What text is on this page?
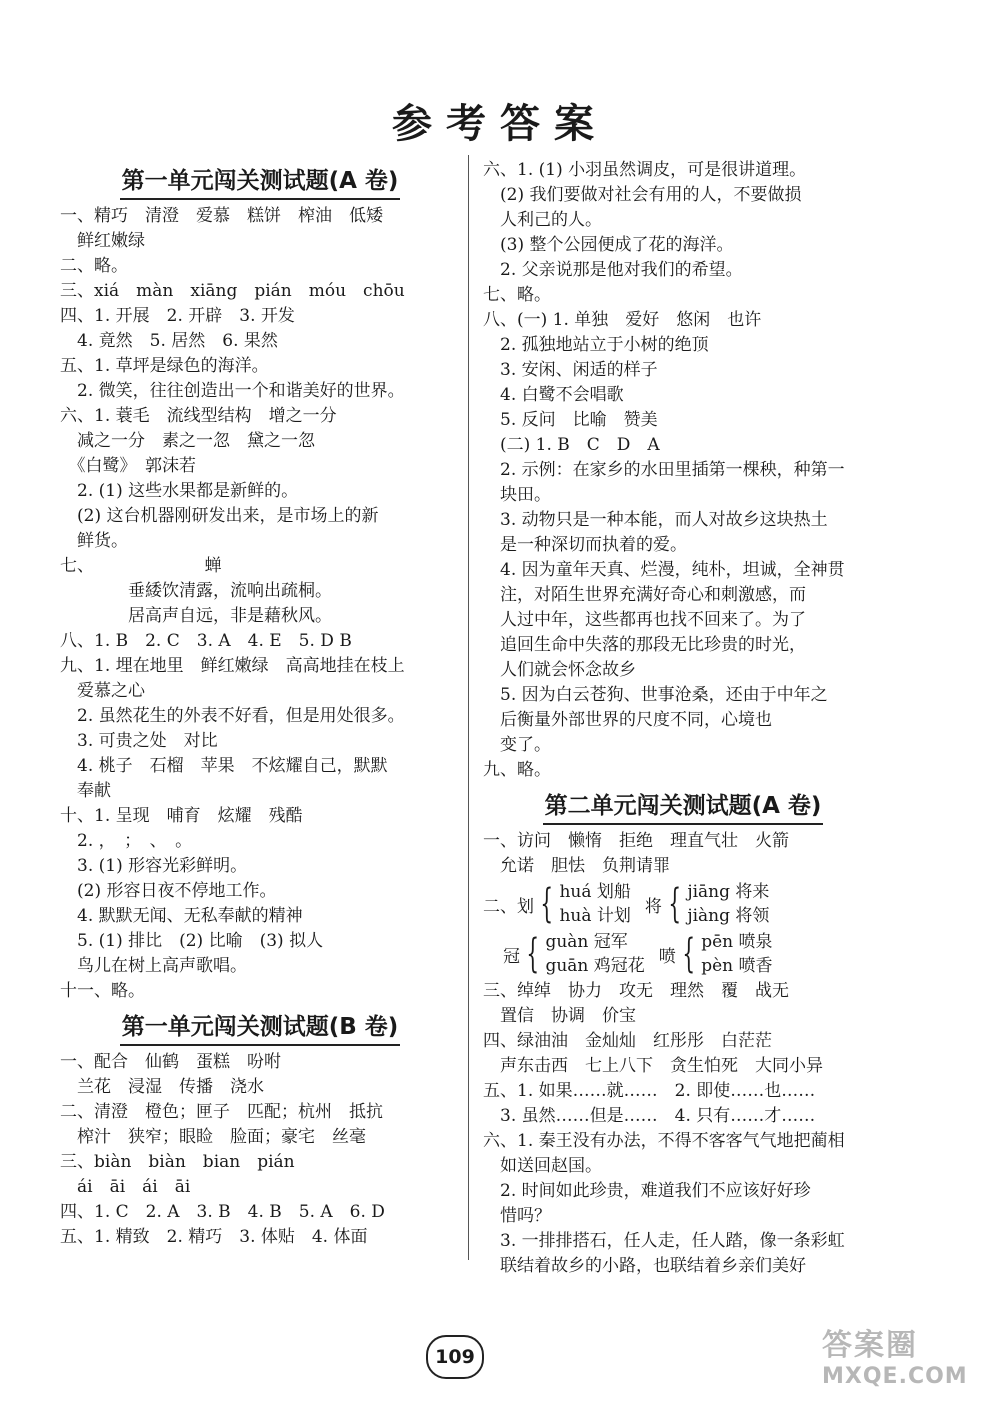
参考答案
第一单元闯关测试题(A 卷)
一、精巧　清澄　爱慕　糕饼　榨油　低矮
　鲜红嫩绿
二、略。
三、xiá　màn　xiāng　pián　móu　chōu
四、1. 开展　2. 开辟　3. 开发
　4. 竟然　5. 居然　6. 果然
五、1. 草坪是绿色的海洋。
　2. 微笑，往往创造出一个和谐美好的世界。
六、1. 蓑毛　流线型结构　增之一分
　减之一分　素之一忽　黛之一忽
　《白鹭》　郭沫若
　2. (1) 这些水果都是新鲜的。
　(2) 这台机器刚研发出来，是市场上的新
　鲜货。
七、　　　　　　　蝉
　　　　垂緌饮清露，流响出疏桐。
　　　　居高声自远，非是藉秋风。
八、1. B　2. C　3. A　4. E　5. D B
九、1. 埋在地里　鲜红嫩绿　高高地挂在枝上
　爱慕之心
　2. 虽然花生的外表不好看，但是用处很多。
　3. 可贵之处　对比
　4. 桃子　石榴　苹果　不炫耀自己，默默
　奉献
十、1. 呈现　哺育　炫耀　残酷
　2. ，　；　、　。
　3. (1) 形容光彩鲜明。
　(2) 形容日夜不停地工作。
　4. 默默无闻、无私奉献的精神
　5. (1) 排比　(2) 比喻　(3) 拟人
　鸟儿在树上高声歌唱。
十一、略。
第一单元闯关测试题(B 卷)
一、配合　仙鹤　蛋糕　吩咐
　兰花　浸湿　传播　浇水
二、清澄　橙色；匣子　匹配；杭州　抵抗
　榨汁　狭窄；眼睑　脸面；豪宅　丝毫
三、biàn　biàn　bian　pián
　ái　āi　ái　āi
四、1. C　2. A　3. B　4. B　5. A　6. D
五、1. 精致　2. 精巧　3. 体贴　4. 体面
六、1. (1) 小羽虽然调皮，可是很讲道理。
　(2) 我们要做对社会有用的人，不要做损
　人利己的人。
　(3) 整个公园便成了花的海洋。
　2. 父亲说那是他对我们的希望。
七、略。
八、(一) 1. 单独　爱好　悠闲　也许
　2. 孤独地站立于小树的绝顶
　3. 安闲、闲适的样子
　4. 白鹭不会唱歌
　5. 反问　比喻　赞美
　(二) 1. B　C　D　A
　2. 示例：在家乡的水田里插第一棵秧，种第一
　块田。
　3. 动物只是一种本能，而人对故乡这块热土
　是一种深切而执着的爱。
　4. 因为童年天真、烂漫，纯朴，坦诚，全神贯
　注，对陌生世界充满好奇心和刺激感，而
　人过中年，这些都再也找不回来了。为了
　追回生命中失落的那段无比珍贵的时光，
　人们就会怀念故乡
　5. 因为白云苍狗、世事沧桑，还由于中年之
　后衡量外部世界的尺度不同，心境也
　变了。
九、略。
第二单元闯关测试题(A 卷)
一、访问　懒惰　拒绝　理直气壮　火箭
　允诺　胆怯　负荆请罪
二、划 { huá 划船
huà 计划 将 { jiāng 将来
jiàng 将领
冠 { guàn 冠军
guān 鸡冠花 喷 { pēn 喷泉
pèn 喷香
三、绰绰　协力　攻无　理然　覆　战无
　置信　协调　价宝
四、绿油油　金灿灿　红彤彤　白茫茫
　声东击西　七上八下　贪生怕死　大同小异
五、1. 如果……就……　2. 即使……也……
　3. 虽然……但是……　4. 只有……才……
六、1. 秦王没有办法，不得不客客气气地把蔺相
　如送回赵国。
　2. 时间如此珍贵，难道我们不应该好好珍
　惜吗？
　3. 一排排搭石，任人走，任人踏，像一条彩虹
　联结着故乡的小路，也联结着乡亲们美好
109	答案圈
MXQE.COM
